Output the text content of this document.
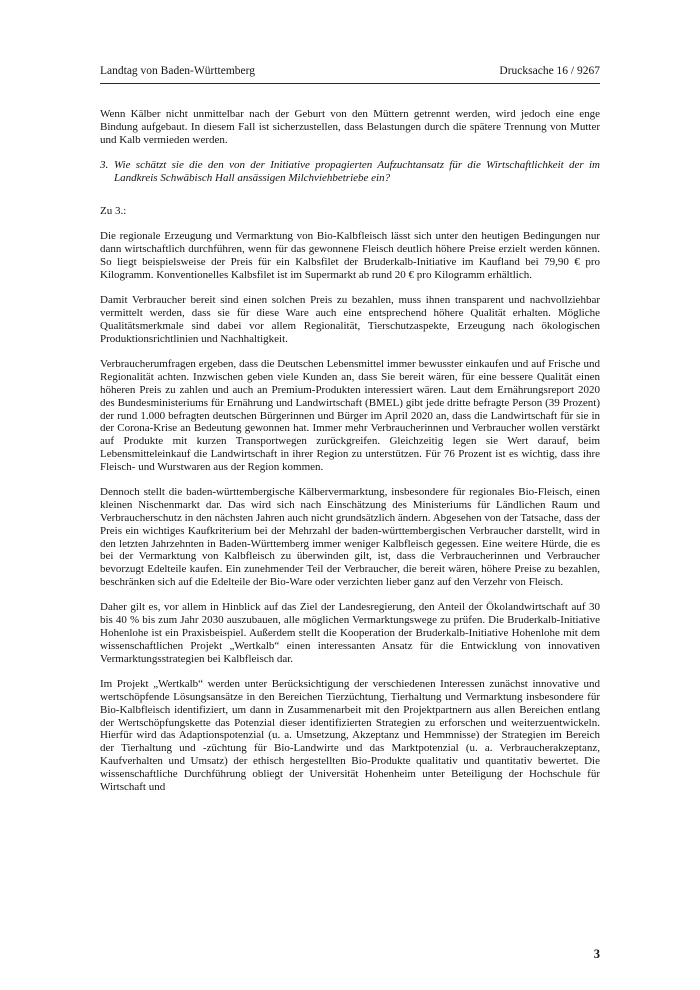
Landtag von Baden-Württemberg	Drucksache 16 / 9267

Wenn Kälber nicht unmittelbar nach der Geburt von den Müttern getrennt werden, wird jedoch eine enge Bindung aufgebaut. In diesem Fall ist sicherzustellen, dass Belastungen durch die spätere Trennung von Mutter und Kalb vermieden werden.

3. Wie schätzt sie die den von der Initiative propagierten Aufzuchtansatz für die Wirtschaftlichkeit der im Landkreis Schwäbisch Hall ansässigen Milchviehbetriebe ein?

Zu 3.:

Die regionale Erzeugung und Vermarktung von Bio-Kalbfleisch lässt sich unter den heutigen Bedingungen nur dann wirtschaftlich durchführen, wenn für das gewonnene Fleisch deutlich höhere Preise erzielt werden können. So liegt beispielsweise der Preis für ein Kalbsfilet der Bruderkalb-Initiative im Kaufland bei 79,90 € pro Kilogramm. Konventionelles Kalbsfilet ist im Supermarkt ab rund 20 € pro Kilogramm erhältlich.

Damit Verbraucher bereit sind einen solchen Preis zu bezahlen, muss ihnen transparent und nachvollziehbar vermittelt werden, dass sie für diese Ware auch eine entsprechend höhere Qualität erhalten. Mögliche Qualitätsmerkmale sind dabei vor allem Regionalität, Tierschutzaspekte, Erzeugung nach ökologischen Produktionsrichtlinien und Nachhaltigkeit.

Verbraucherumfragen ergeben, dass die Deutschen Lebensmittel immer bewusster einkaufen und auf Frische und Regionalität achten. Inzwischen geben viele Kunden an, dass Sie bereit wären, für eine bessere Qualität einen höheren Preis zu zahlen und auch an Premium-Produkten interessiert wären. Laut dem Ernährungsreport 2020 des Bundesministeriums für Ernährung und Landwirtschaft (BMEL) gibt jede dritte befragte Person (39 Prozent) der rund 1.000 befragten deutschen Bürgerinnen und Bürger im April 2020 an, dass die Landwirtschaft für sie in der Corona-Krise an Bedeutung gewonnen hat. Immer mehr Verbraucherinnen und Verbraucher wollen verstärkt auf Produkte mit kurzen Transportwegen zurückgreifen. Gleichzeitig legen sie Wert darauf, beim Lebensmitteleinkauf die Landwirtschaft in ihrer Region zu unterstützen. Für 76 Prozent ist es wichtig, dass ihre Fleisch- und Wurstwaren aus der Region kommen.

Dennoch stellt die baden-württembergische Kälbervermarktung, insbesondere für regionales Bio-Fleisch, einen kleinen Nischenmarkt dar. Das wird sich nach Einschätzung des Ministeriums für Ländlichen Raum und Verbraucherschutz in den nächsten Jahren auch nicht grundsätzlich ändern. Abgesehen von der Tatsache, dass der Preis ein wichtiges Kaufkriterium bei der Mehrzahl der baden-württembergischen Verbraucher darstellt, wird in den letzten Jahrzehnten in Baden-Württemberg immer weniger Kalbfleisch gegessen. Eine weitere Hürde, die es bei der Vermarktung von Kalbfleisch zu überwinden gilt, ist, dass die Verbraucherinnen und Verbraucher bevorzugt Edelteile kaufen. Ein zunehmender Teil der Verbraucher, die bereit wären, höhere Preise zu bezahlen, beschränken sich auf die Edelteile der Bio-Ware oder verzichten lieber ganz auf den Verzehr von Fleisch.

Daher gilt es, vor allem in Hinblick auf das Ziel der Landesregierung, den Anteil der Ökolandwirtschaft auf 30 bis 40 % bis zum Jahr 2030 auszubauen, alle möglichen Vermarktungswege zu prüfen. Die Bruderkalb-Initiative Hohenlohe ist ein Praxisbeispiel. Außerdem stellt die Kooperation der Bruderkalb-Initiative Hohenlohe mit dem wissenschaftlichen Projekt „Wertkalb“ einen interessanten Ansatz für die Entwicklung von innovativen Vermarktungsstrategien bei Kalbfleisch dar.

Im Projekt „Wertkalb“ werden unter Berücksichtigung der verschiedenen Interessen zunächst innovative und wertschöpfende Lösungsansätze in den Bereichen Tierzüchtung, Tierhaltung und Vermarktung insbesondere für Bio-Kalbfleisch identifiziert, um dann in Zusammenarbeit mit den Projektpartnern aus allen Bereichen entlang der Wertschöpfungskette das Potenzial dieser identifizierten Strategien zu erforschen und weiterzuentwickeln. Hierfür wird das Adaptionspotenzial (u. a. Umsetzung, Akzeptanz und Hemmnisse) der Strategien im Bereich der Tierhaltung und -züchtung für Bio-Landwirte und das Marktpotenzial (u. a. Verbraucherakzeptanz, Kaufverhalten und Umsatz) der ethisch hergestellten Bio-Produkte qualitativ und quantitativ bewertet. Die wissenschaftliche Durchführung obliegt der Universität Hohenheim unter Beteiligung der Hochschule für Wirtschaft und

3
